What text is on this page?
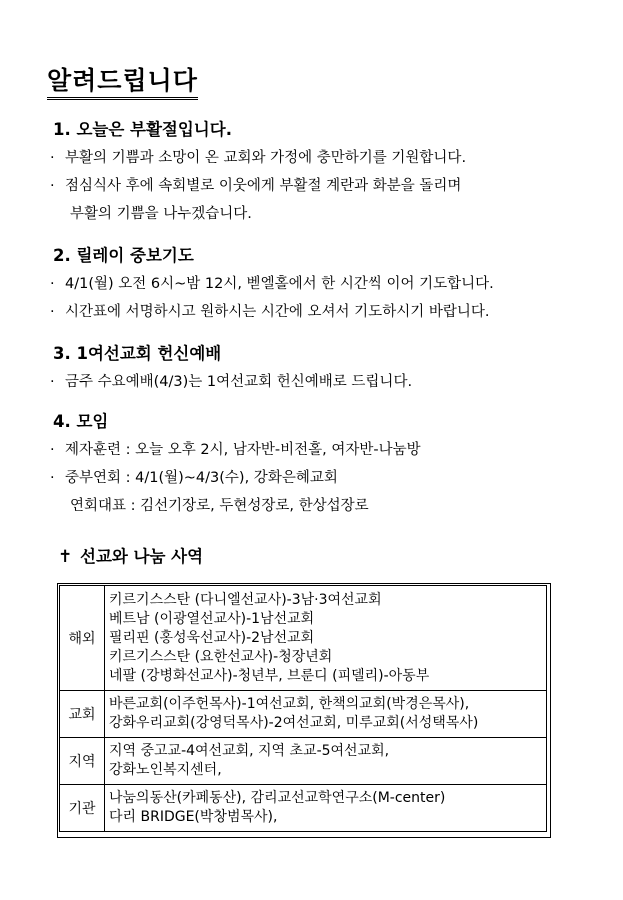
알려드립니다
1. 오늘은 부활절입니다.
· 부활의 기쁨과 소망이 온 교회와 가정에 충만하기를 기원합니다.
· 점심식사 후에 속회별로 이웃에게 부활절 계란과 화분을 돌리며
부활의 기쁨을 나누겠습니다.
2. 릴레이 중보기도
· 4/1(월) 오전 6시~밤 12시, 벧엘홀에서 한 시간씩 이어 기도합니다.
· 시간표에 서명하시고 원하시는 시간에 오셔서 기도하시기 바랍니다.
3. 1여선교회 헌신예배
· 금주 수요예배(4/3)는 1여선교회 헌신예배로 드립니다.
4. 모임
· 제자훈련 : 오늘 오후 2시, 남자반-비전홀, 여자반-나눔방
· 중부연회 : 4/1(월)~4/3(수), 강화은혜교회
연회대표 : 김선기장로, 두현성장로, 한상섭장로
✝ 선교와 나눔 사역
해외	키르기스스탄 (다니엘선교사)-3남·3여선교회
베트남 (이광열선교사)-1남선교회
필리핀 (홍성욱선교사)-2남선교회
키르기스스탄 (요한선교사)-청장년회
네팔 (강병화선교사)-청년부, 브룬디 (피델리)-아동부

교회	바른교회(이주헌목사)-1여선교회, 한책의교회(박경은목사),
강화우리교회(강영덕목사)-2여선교회, 미루교회(서성택목사)

지역	지역 중고교-4여선교회, 지역 초교-5여선교회,
강화노인복지센터,

기관	나눔의동산(카페동산), 감리교선교학연구소(M-center)
다리 BRIDGE(박창범목사),
